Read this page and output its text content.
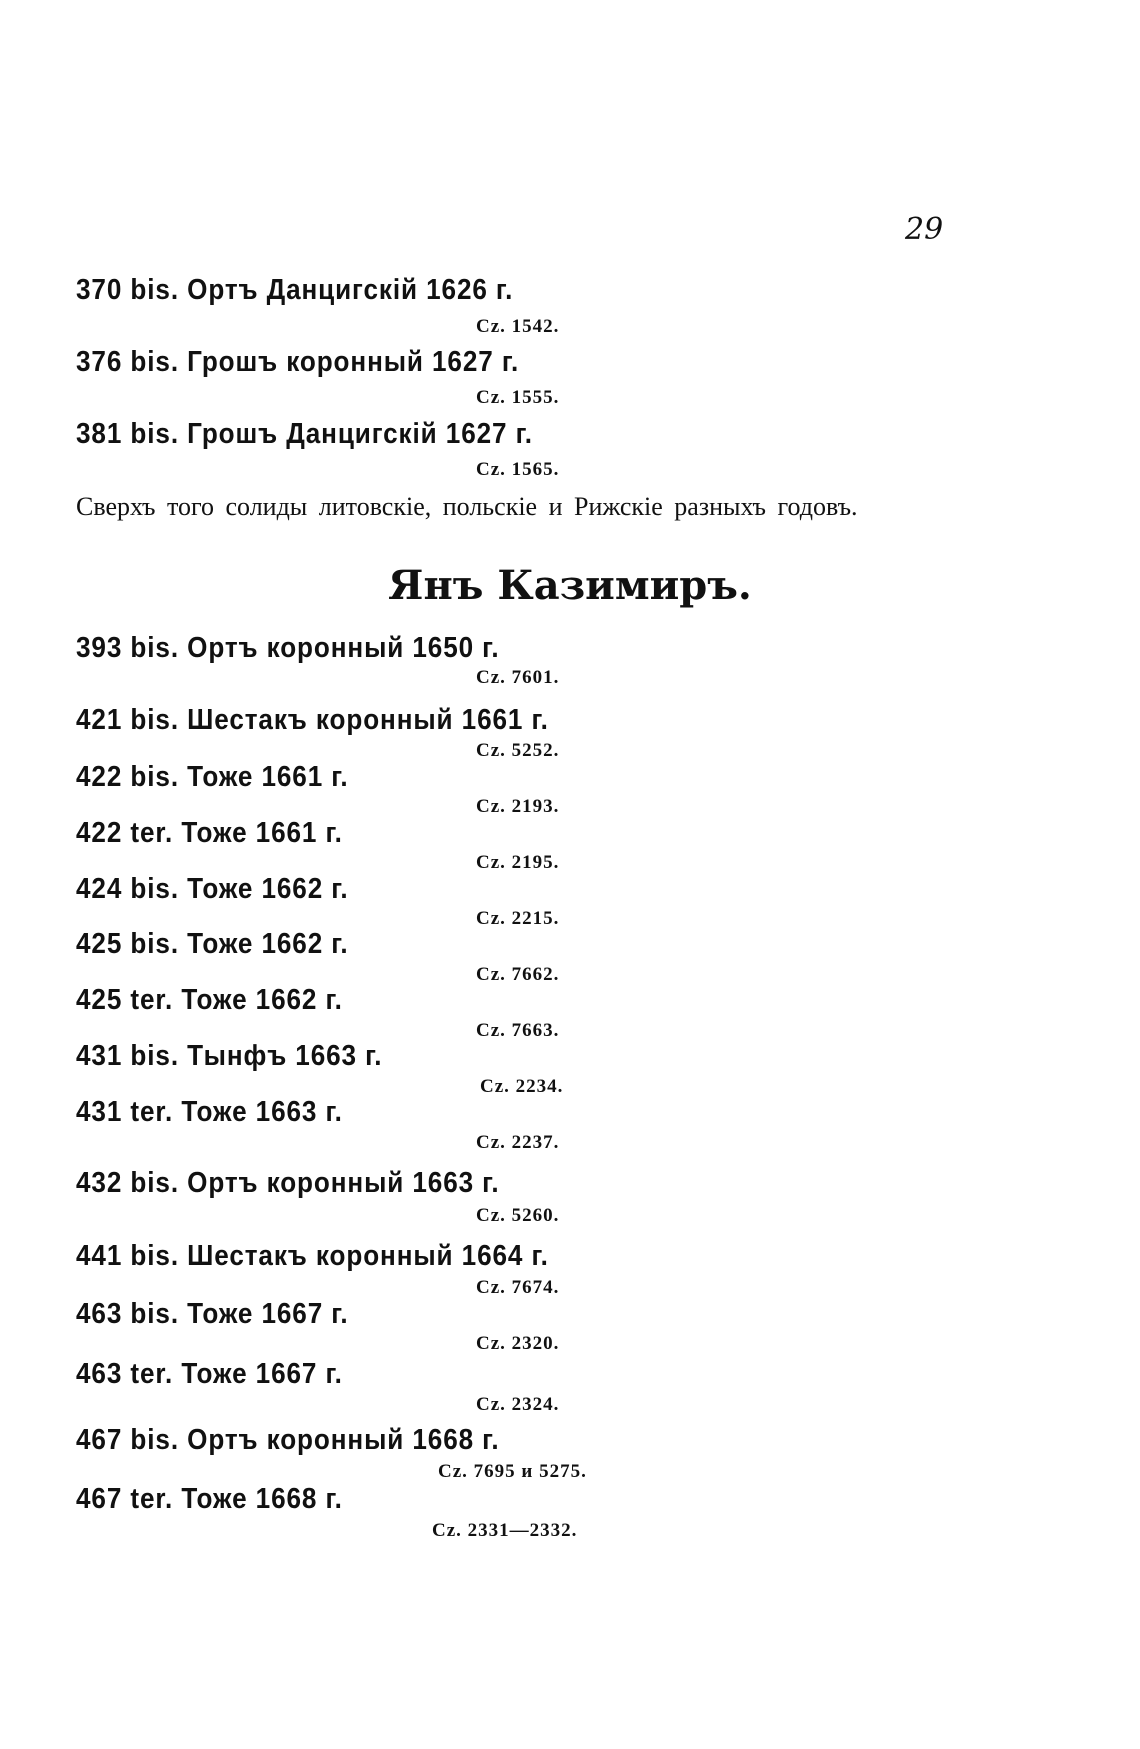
29
370 bis. Ортъ Данцигскій 1626 г.
Cz. 1542.
376 bis. Грошъ коронный 1627 г.
Cz. 1555.
381 bis. Грошъ Данцигскій 1627 г.
Cz. 1565.
Сверхъ того солиды литовскіе, польскіе и Рижскіе разныхъ годовъ.
Янъ Казимиръ.
393 bis. Ортъ коронный 1650 г.
Cz. 7601.
421 bis. Шестакъ коронный 1661 г.
Cz. 5252.
422 bis. Тоже 1661 г.
Cz. 2193.
422 ter. Тоже 1661 г.
Cz. 2195.
424 bis. Тоже 1662 г.
Cz. 2215.
425 bis. Тоже 1662 г.
Cz. 7662.
425 ter. Тоже 1662 г.
Cz. 7663.
431 bis. Тынфъ 1663 г.
Cz. 2234.
431 ter. Тоже 1663 г.
Cz. 2237.
432 bis. Ортъ коронный 1663 г.
Cz. 5260.
441 bis. Шестакъ коронный 1664 г.
Cz. 7674.
463 bis. Тоже 1667 г.
Cz. 2320.
463 ter. Тоже 1667 г.
Cz. 2324.
467 bis. Ортъ коронный 1668 г.
Cz. 7695 и 5275.
467 ter. Тоже 1668 г.
Cz. 2331—2332.
